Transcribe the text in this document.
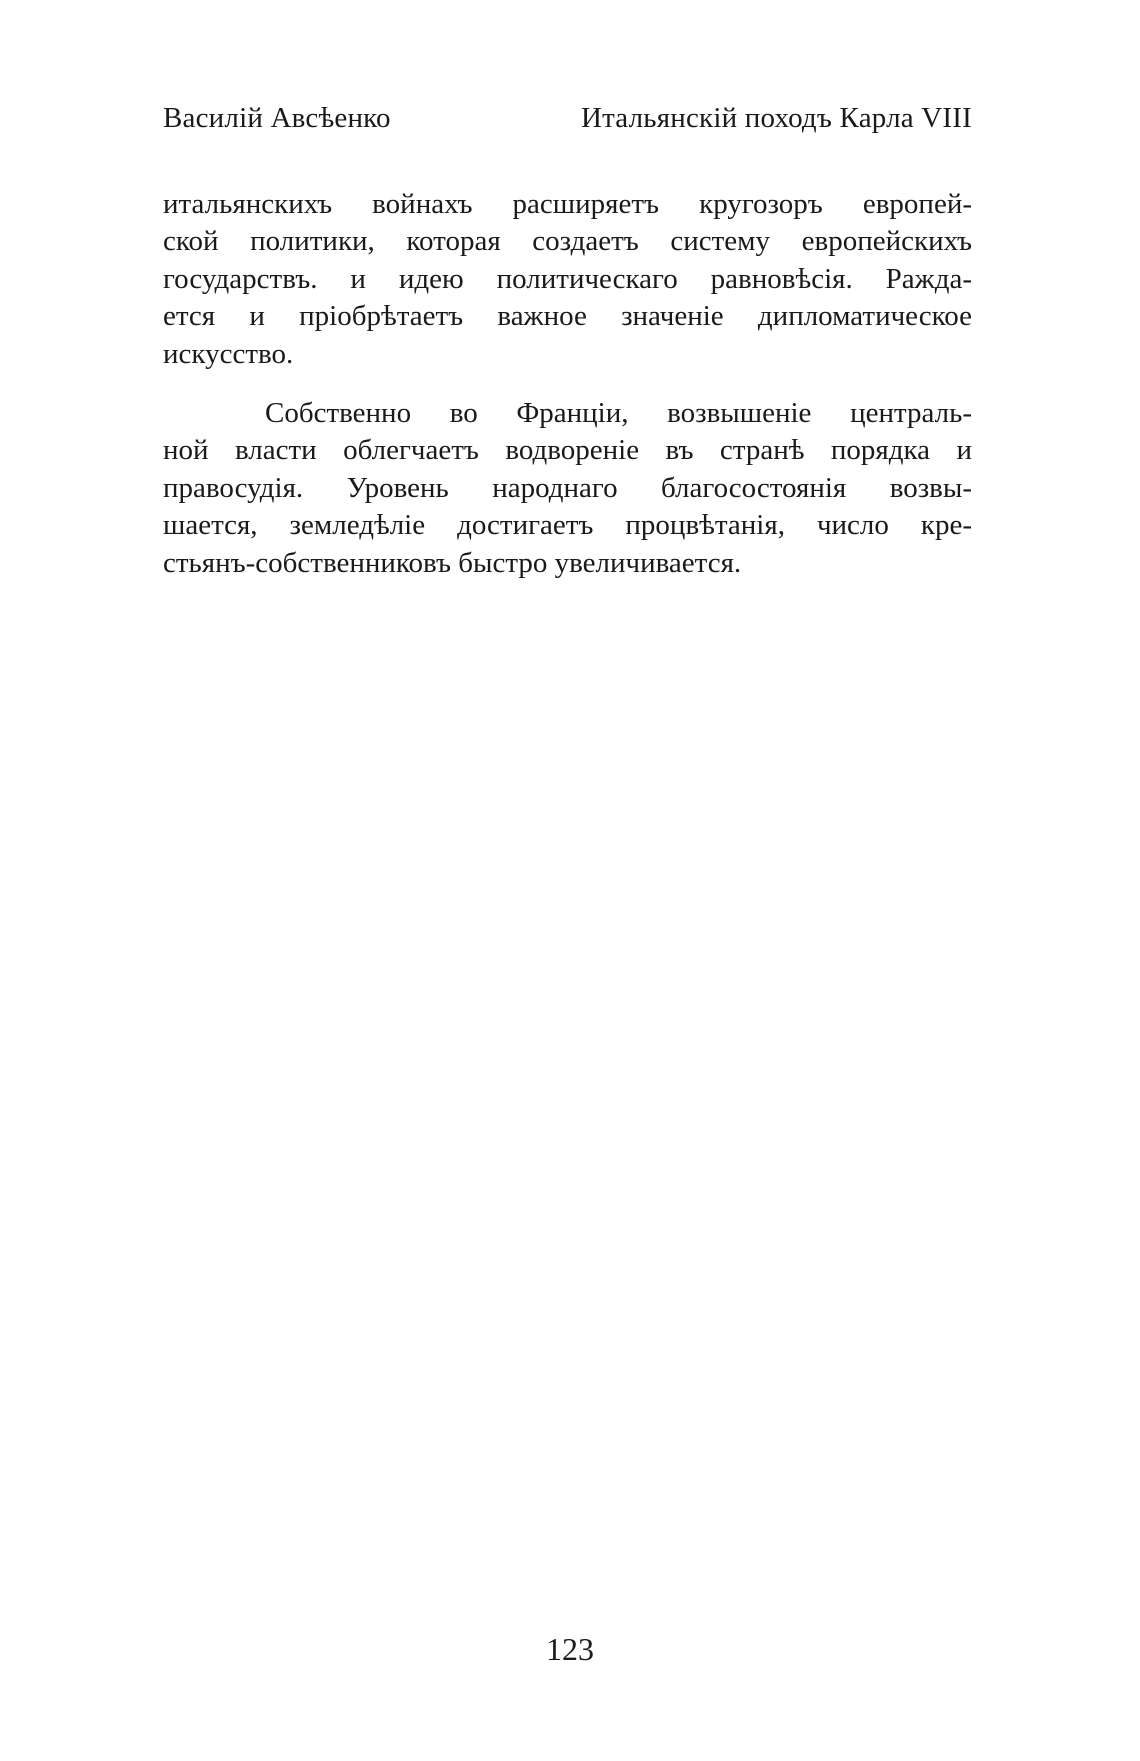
Василій Авсѣенко	Итальянскій походъ Карла VIII

итальянскихъ войнахъ расширяетъ кругозоръ европей-
ской политики, которая создаетъ систему европейскихъ
государствъ. и идею политическаго равновѣсія. Ражда-
ется и пріобрѣтаетъ важное значеніе дипломатическое
искусство.

Собственно во Франціи, возвышеніе централь-
ной власти облегчаетъ водвореніе въ странѣ порядка и
правосудія. Уровень народнаго благосостоянія возвы-
шается, земледѣліе достигаетъ процвѣтанія, число кре-
стьянъ-собственниковъ быстро увеличивается.

123
